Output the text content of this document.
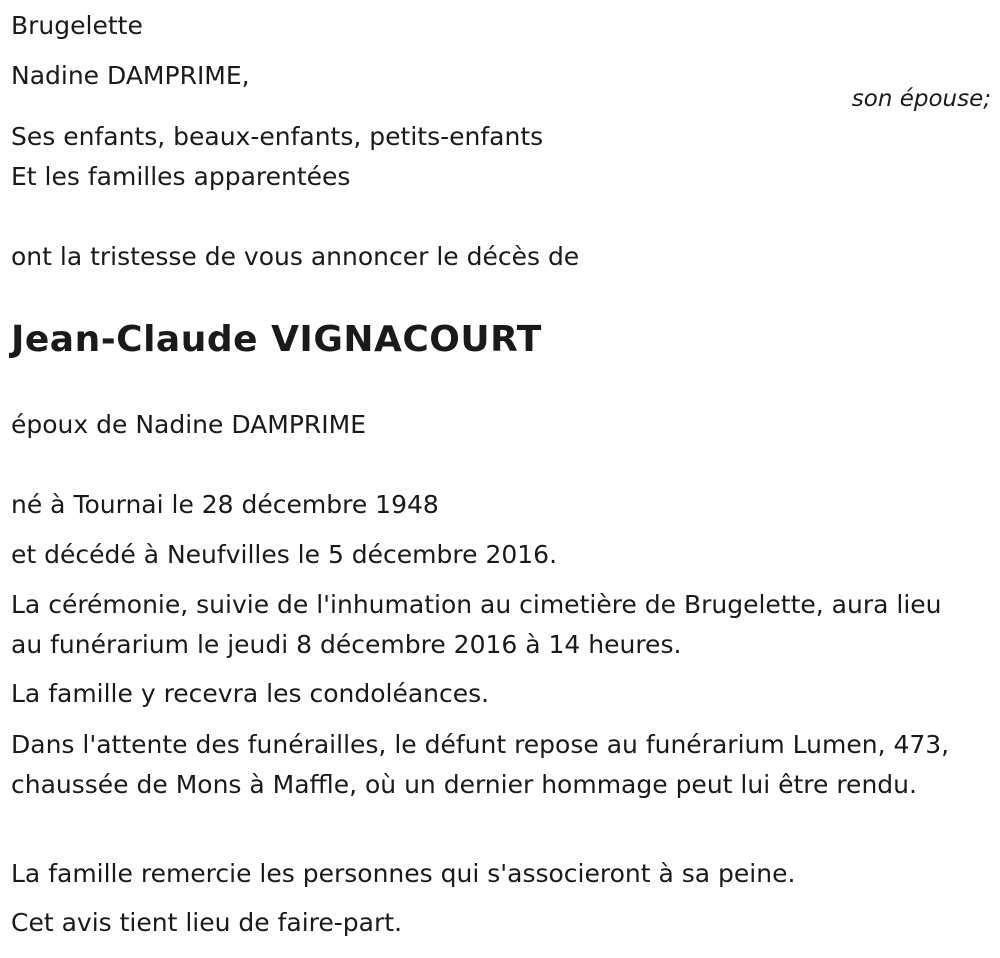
Brugelette

Nadine DAMPRIME,

son épouse;

Ses enfants, beaux-enfants, petits-enfants

Et les familles apparentées

ont la tristesse de vous annoncer le décès de

Jean-Claude VIGNACOURT

époux de Nadine DAMPRIME

né à Tournai le 28 décembre 1948

et décédé à Neufvilles le 5 décembre 2016.

La cérémonie, suivie de l'inhumation au cimetière de Brugelette, aura lieu au funérarium le jeudi 8 décembre 2016 à 14 heures.

La famille y recevra les condoléances.

Dans l'attente des funérailles, le défunt repose au funérarium Lumen, 473, chaussée de Mons à Maffle, où un dernier hommage peut lui être rendu.

La famille remercie les personnes qui s'associeront à sa peine.

Cet avis tient lieu de faire-part.
